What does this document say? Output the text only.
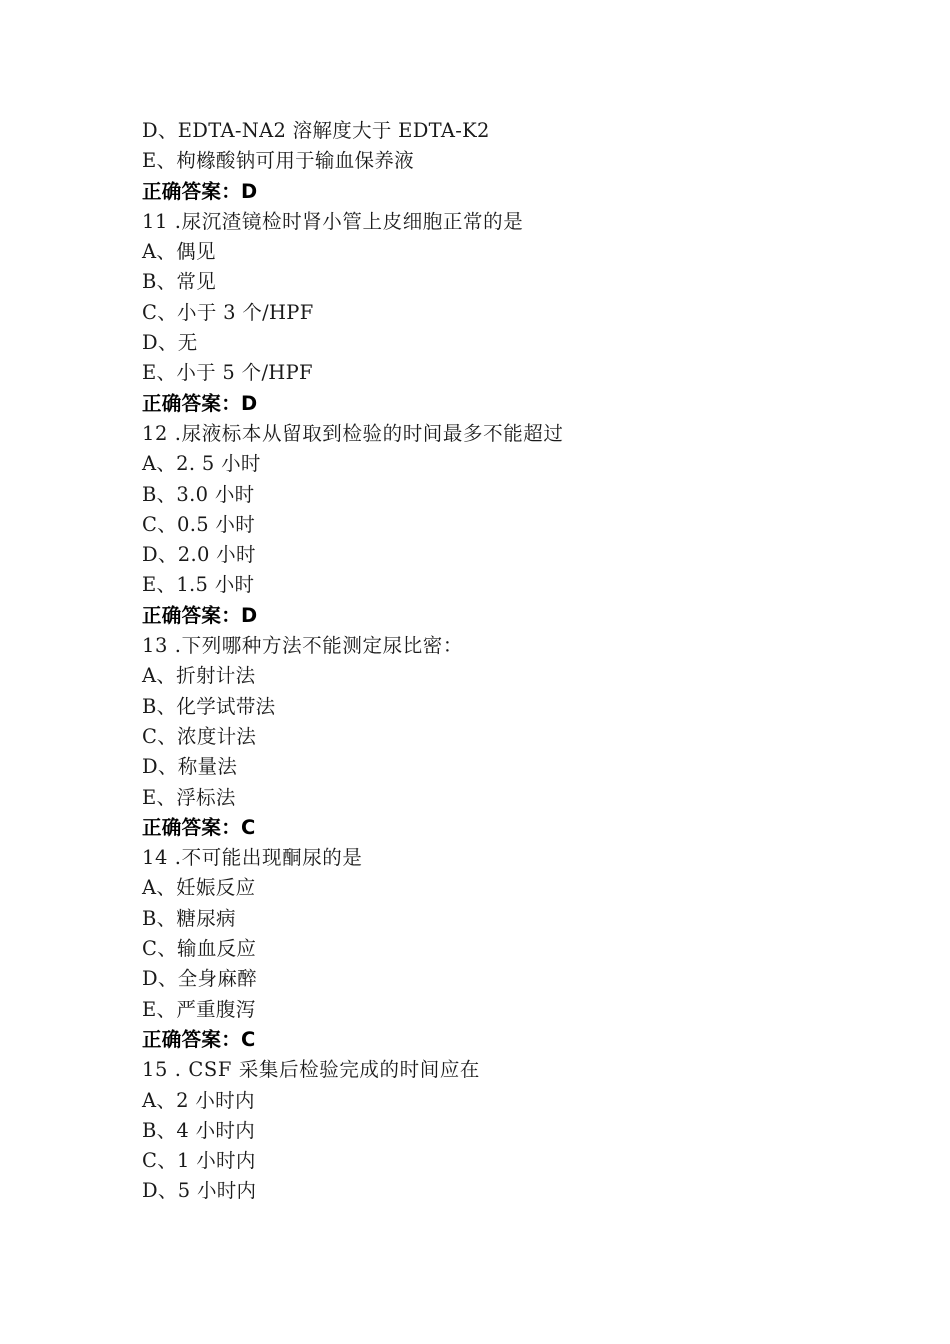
D、EDTA-NA2 溶解度大于 EDTA-K2
E、枸橼酸钠可用于输血保养液
正确答案：D
11 .尿沉渣镜检时肾小管上皮细胞正常的是
A、偶见
B、常见
C、小于 3 个/HPF
D、无
E、小于 5 个/HPF
正确答案：D
12 .尿液标本从留取到检验的时间最多不能超过
A、2. 5 小时
B、3.0 小时
C、0.5 小时
D、2.0 小时
E、1.5 小时
正确答案：D
13 .下列哪种方法不能测定尿比密：
A、折射计法
B、化学试带法
C、浓度计法
D、称量法
E、浮标法
正确答案：C
14 .不可能出现酮尿的是
A、妊娠反应
B、糖尿病
C、输血反应
D、全身麻醉
E、严重腹泻
正确答案：C
15 . CSF 采集后检验完成的时间应在
A、2 小时内
B、4 小时内
C、1 小时内
D、5 小时内
